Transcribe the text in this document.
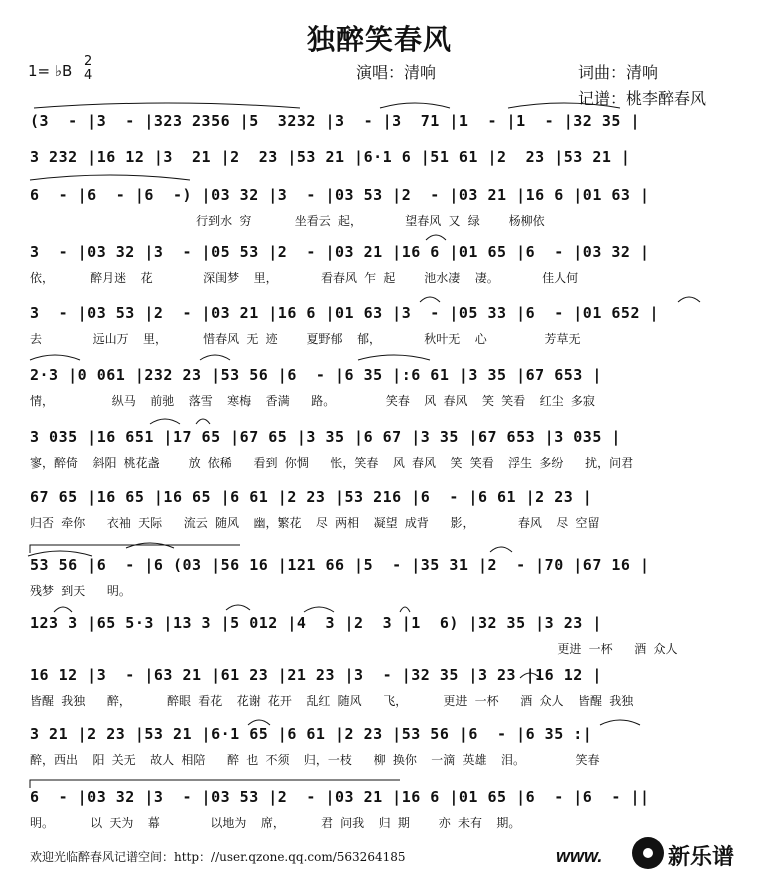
独醉笑春风
1= ♭B
2
4	演唱：清响	词曲：清响
记谱：桃李醉春风
(3  - |3  - |323 2356 |5  3232 |3  - |3  71 |1  - |1  - |32 35 |
3 232 |16 12 |3  21 |2  23 |53 21 |6·1 6 |51 61 |2  23 |53 21 |
6  - |6  - |6  -) |03 32 |3  - |03 53 |2  - |03 21 |16 6 |01 63 |
行到水 穷      坐看云 起，      望春风 又 绿    杨柳依
3  - |03 32 |3  - |05 53 |2  - |03 21 |16 6 |01 65 |6  - |03 32 |
依，     醉月迷  花       深闺梦  里，      看春风 乍 起    池水凄  凄。      佳人何
3  - |03 53 |2  - |03 21 |16 6 |01 63 |3  - |05 33 |6  - |01 652 |
去       远山万  里，     惜春风 无 迹    夏野郁  郁，      秋叶无  心        芳草无
2·3 |0 061 |232 23 |53 56 |6  - |6 35 |:6 61 |3 35 |67 653 |
情，        纵马  前驰  落雪  寒梅  香满   路。       笑春  风 春风  笑 笑看  红尘 多寂
3 035 |16 651 |17 65 |67 65 |3 35 |6 67 |3 35 |67 653 |3 035 |
寥，醉倚  斜阳 桃花盏    放 依稀   看到 你惆   怅，笑春  风 春风  笑 笑看  浮生 多纷   扰，问君
67 65 |16 65 |16 65 |6 61 |2 23 |53 216 |6  - |6 61 |2 23 |
归否 牵你   衣袖 天际   流云 随风  幽，繁花  尽 两相  凝望 成背   影，      春风  尽 空留
53 56 |6  - |6 (03 |56 16 |121 66 |5  - |35 31 |2  - |70 |67 16 |
残梦 到天   明。
123 3 |65 5·3 |13 3 |5 012 |4  3 |2  3 |1  6) |32 35 |3 23 |
更进 一杯   酒 众人
16 12 |3  - |63 21 |61 23 |21 23 |3  - |32 35 |3 23 |16 12 |
皆醒 我独   醉，     醉眼 看花  花谢 花开  乱红 随风   飞，     更进 一杯   酒 众人  皆醒 我独
3 21 |2 23 |53 21 |6·1 65 |6 61 |2 23 |53 56 |6  - |6 35 :|
醉，西出  阳 关无  故人 相陪   醉 也 不须  归，一枝   柳 换你  一滴 英雄  泪。       笑春
6  - |03 32 |3  - |03 53 |2  - |03 21 |16 6 |01 65 |6  - |6  - ||
明。     以 天为  幕       以地为  席，     君 问我  归 期    亦 未有  期。
欢迎光临醉春风记谱空间：http：//user.qzone.qq.com/563264185	www.	新乐谱
